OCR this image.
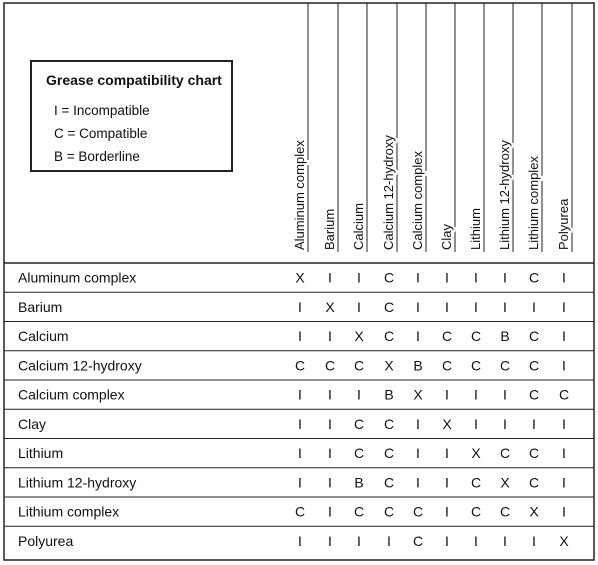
Aluminum complex Barium Calcium Calcium 12-hydroxy Calcium complex Clay Lithium Lithium 12-hydroxy Lithium complex Polyurea
Aluminum complex
Barium
Calcium
Calcium 12-hydroxy
Calcium complex
Clay
Lithium
Lithium 12-hydroxy
Lithium complex
Polyurea
X I I C I I I I C I
I X I C I I I I I I
I I X C I C C B C I
C C C X B C C C C I
I I I B X I I I C C
I I C C I X I I I I
I I C C I I X C C I
I I B C I I C X C I
C I C C C I C C X I
I I I I C I I I I X
Grease compatibility chart
I = Incompatible
C = Compatible
B = Borderline
